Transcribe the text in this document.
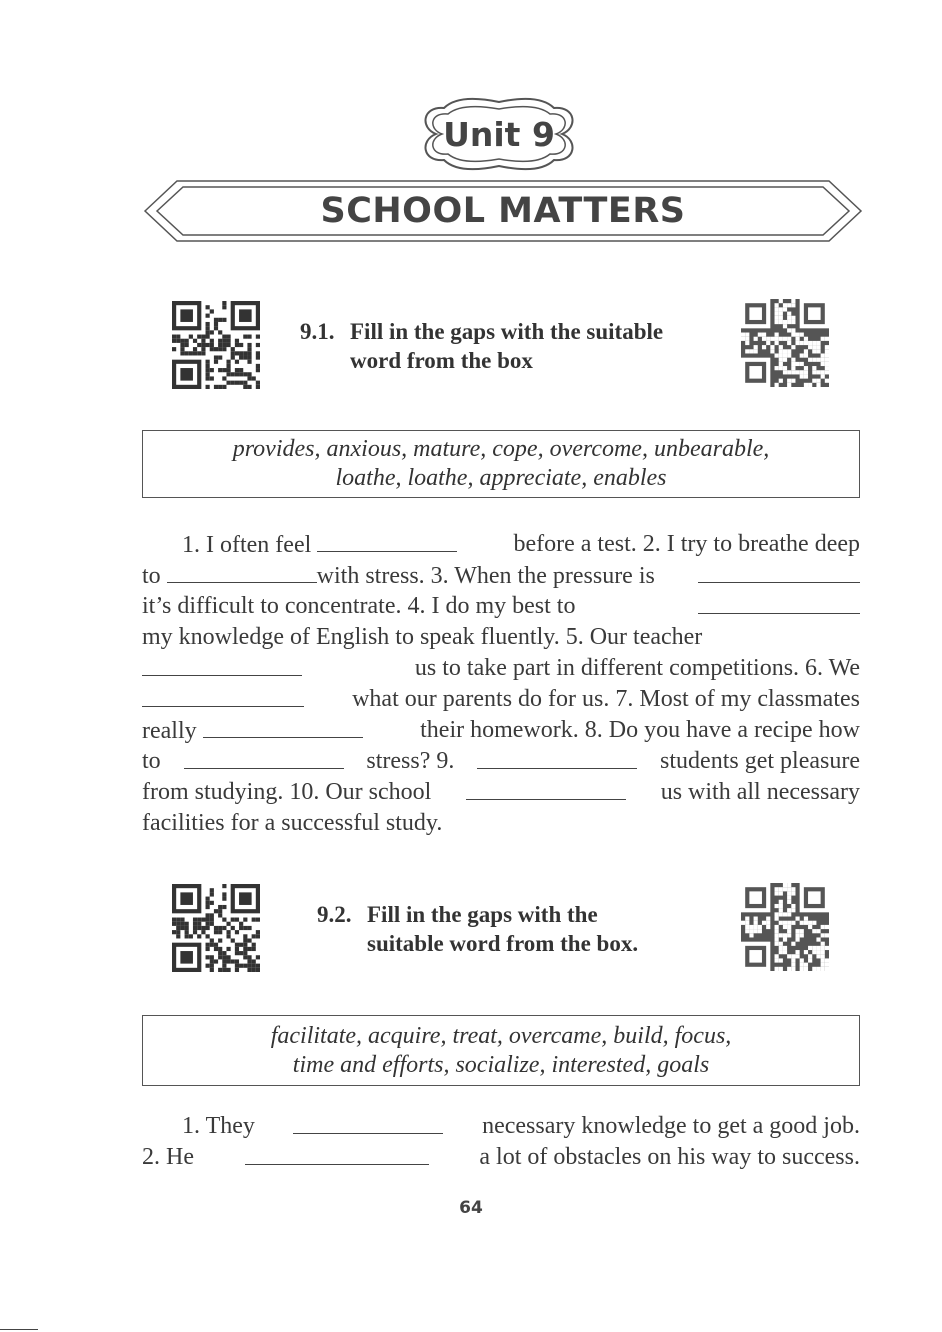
Unit 9
SCHOOL MATTERS
9.1. Fill in the gaps with the suitable
word from the box
provides, anxious, mature, cope, overcome, unbearable,
loathe, loathe, appreciate, enables
1. I often feel	before a test. 2. I try to breathe deep
to	with stress. 3. When the pressure is
it’s difficult to concentrate. 4. I do my best to
my knowledge of English to speak fluently. 5. Our teacher
us to take part in different competitions. 6. We
what our parents do for us. 7. Most of my classmates
really	their homework. 8. Do you have a recipe how
to	stress? 9.	students get pleasure
from studying. 10. Our school	us with all necessary
facilities for a successful study.
9.2. Fill in the gaps with the
suitable word from the box.
facilitate, acquire, treat, overcame, build, focus,
time and efforts, socialize, interested, goals
1. They	necessary knowledge to get a good job.
2. He	a lot of obstacles on his way to success.
64
